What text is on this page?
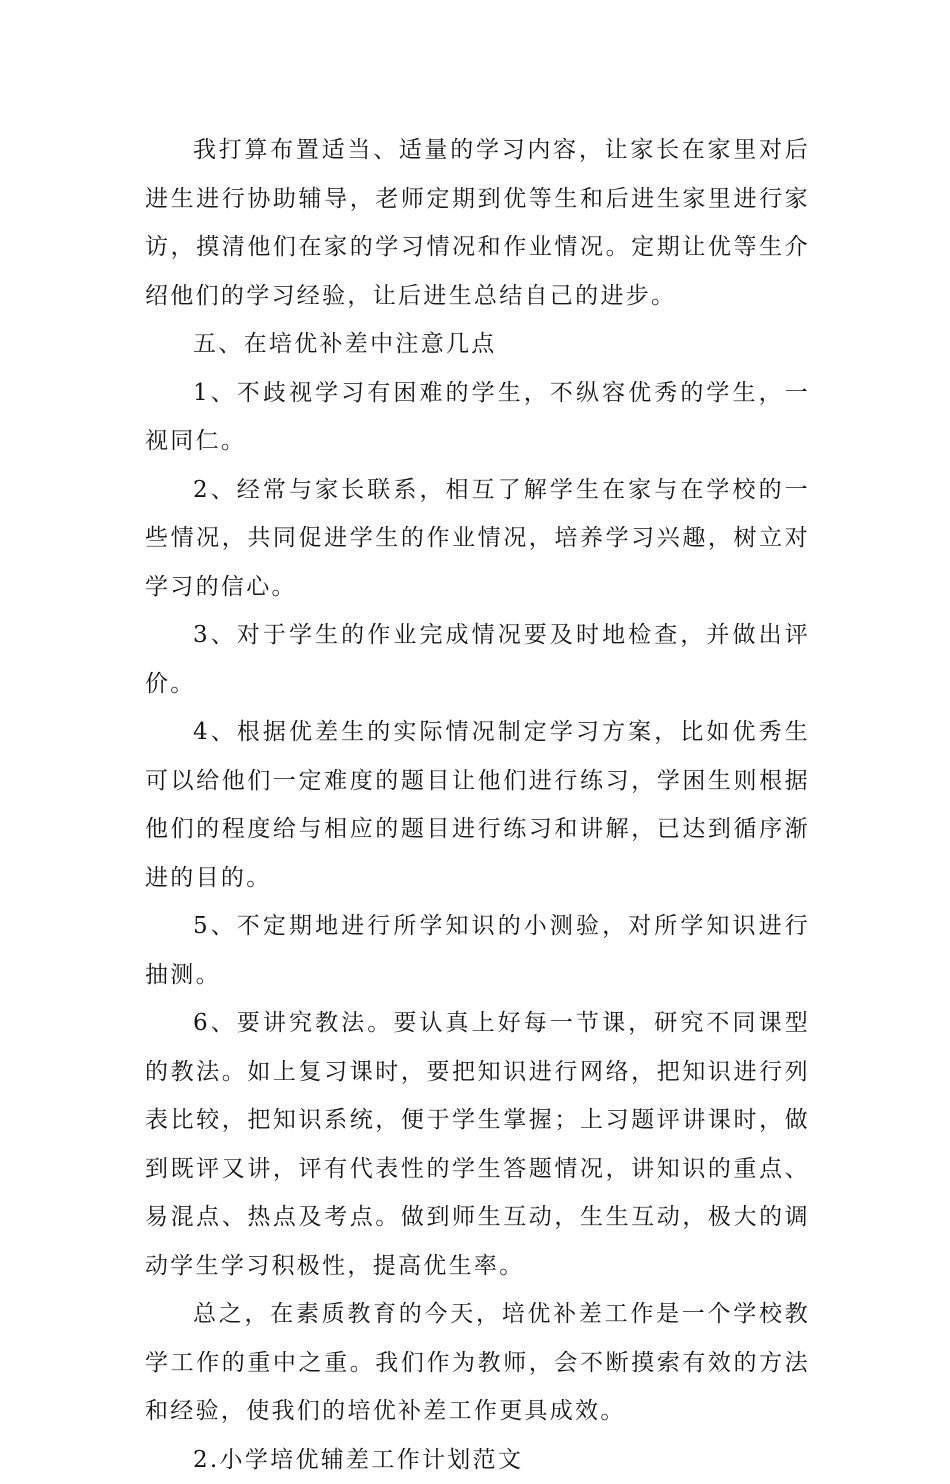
我打算布置适当、适量的学习内容，让家长在家里对后进生进行协助辅导，老师定期到优等生和后进生家里进行家访，摸清他们在家的学习情况和作业情况。定期让优等生介绍他们的学习经验，让后进生总结自己的进步。

五、在培优补差中注意几点

1、不歧视学习有困难的学生，不纵容优秀的学生，一视同仁。

2、经常与家长联系，相互了解学生在家与在学校的一些情况，共同促进学生的作业情况，培养学习兴趣，树立对学习的信心。

3、对于学生的作业完成情况要及时地检查，并做出评价。

4、根据优差生的实际情况制定学习方案，比如优秀生可以给他们一定难度的题目让他们进行练习，学困生则根据他们的程度给与相应的题目进行练习和讲解，已达到循序渐进的目的。

5、不定期地进行所学知识的小测验，对所学知识进行抽测。

6、要讲究教法。要认真上好每一节课，研究不同课型的教法。如上复习课时，要把知识进行网络，把知识进行列表比较，把知识系统，便于学生掌握；上习题评讲课时，做到既评又讲，评有代表性的学生答题情况，讲知识的重点、易混点、热点及考点。做到师生互动，生生互动，极大的调动学生学习积极性，提高优生率。

总之，在素质教育的今天，培优补差工作是一个学校教学工作的重中之重。我们作为教师，会不断摸索有效的方法和经验，使我们的培优补差工作更具成效。

2.小学培优辅差工作计划范文
